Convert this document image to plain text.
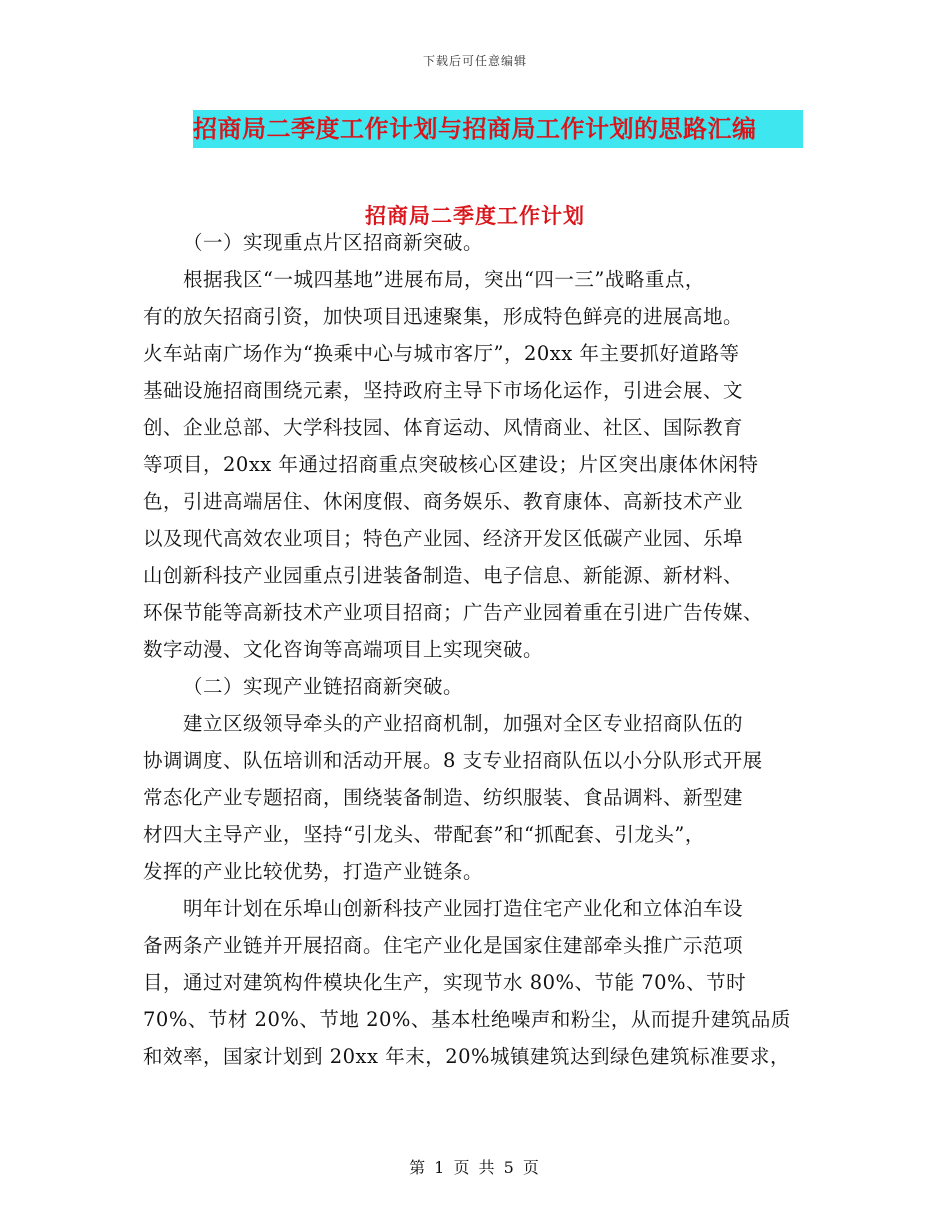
下载后可任意编辑
招商局二季度工作计划与招商局工作计划的思路汇编
招商局二季度工作计划
（一）实现重点片区招商新突破。
根据我区“一城四基地”进展布局，突出“四一三”战略重点，
有的放矢招商引资，加快项目迅速聚集，形成特色鲜亮的进展高地。
火车站南广场作为“换乘中心与城市客厅”，20xx 年主要抓好道路等
基础设施招商围绕元素，坚持政府主导下市场化运作，引进会展、文
创、企业总部、大学科技园、体育运动、风情商业、社区、国际教育
等项目，20xx 年通过招商重点突破核心区建设；片区突出康体休闲特
色，引进高端居住、休闲度假、商务娱乐、教育康体、高新技术产业
以及现代高效农业项目；特色产业园、经济开发区低碳产业园、乐埠
山创新科技产业园重点引进装备制造、电子信息、新能源、新材料、
环保节能等高新技术产业项目招商；广告产业园着重在引进广告传媒、
数字动漫、文化咨询等高端项目上实现突破。
（二）实现产业链招商新突破。
建立区级领导牵头的产业招商机制，加强对全区专业招商队伍的
协调调度、队伍培训和活动开展。8 支专业招商队伍以小分队形式开展
常态化产业专题招商，围绕装备制造、纺织服装、食品调料、新型建
材四大主导产业，坚持“引龙头、带配套”和“抓配套、引龙头”，
发挥的产业比较优势，打造产业链条。
明年计划在乐埠山创新科技产业园打造住宅产业化和立体泊车设
备两条产业链并开展招商。住宅产业化是国家住建部牵头推广示范项
目，通过对建筑构件模块化生产，实现节水 80%、节能 70%、节时
70%、节材 20%、节地 20%、基本杜绝噪声和粉尘，从而提升建筑品质
和效率，国家计划到 20xx 年末，20%城镇建筑达到绿色建筑标准要求，
第 1 页 共 5 页
